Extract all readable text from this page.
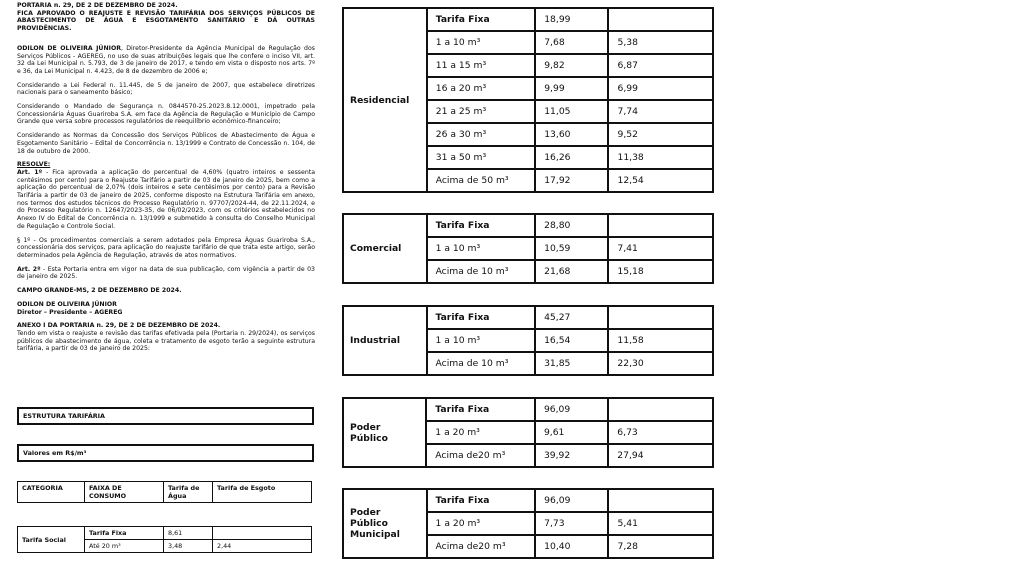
PORTARIA n. 29, DE 2 DE DEZEMBRO DE 2024.
FICA APROVADO O REAJUSTE E REVISÃO TARIFÁRIA DOS SERVIÇOS PÚBLICOS DE ABASTECIMENTO DE ÁGUA E ESGOTAMENTO SANITÁRIO E DÁ OUTRAS PROVIDÊNCIAS.

ODILON DE OLIVEIRA JÚNIOR, Diretor-Presidente da Agência Municipal de Regulação dos Serviços Públicos - AGEREG, no uso de suas atribuições legais que lhe confere o inciso VII, art. 32 da Lei Municipal n. 5.793, de 3 de janeiro de 2017, e tendo em vista o disposto nos arts. 7º e 36, da Lei Municipal n. 4.423, de 8 de dezembro de 2006 e;

Considerando a Lei Federal n. 11.445, de 5 de janeiro de 2007, que estabelece diretrizes nacionais para o saneamento básico;

Considerando o Mandado de Segurança n. 0844570-25.2023.8.12.0001, impetrado pela Concessionária Águas Guariroba S.A. em face da Agência de Regulação e Município de Campo Grande que versa sobre processos regulatórios de reequilíbrio econômico-financeiro;

Considerando as Normas da Concessão dos Serviços Públicos de Abastecimento de Água e Esgotamento Sanitário – Edital de Concorrência n. 13/1999 e Contrato de Concessão n. 104, de 18 de outubro de 2000.

RESOLVE:

Art. 1º - Fica aprovada a aplicação do percentual de 4,60% (quatro inteiros e sessenta centésimos por cento) para o Reajuste Tarifário a partir de 03 de janeiro de 2025, bem como a aplicação do percentual de 2,07% (dois inteiros e sete centésimos por cento) para a Revisão Tarifária a partir de 03 de janeiro de 2025, conforme disposto na Estrutura Tarifária em anexo, nos termos dos estudos técnicos do Processo Regulatório n. 97707/2024-44, de 22.11.2024, e do Processo Regulatório n. 12647/2023-35, de 06/02/2023, com os critérios estabelecidos no Anexo IV do Edital de Concorrência n. 13/1999 e submetido à consulta do Conselho Municipal de Regulação e Controle Social.

§ 1º - Os procedimentos comerciais a serem adotados pela Empresa Águas Guariroba S.A., concessionária dos serviços, para aplicação do reajuste tarifário de que trata este artigo, serão determinados pela Agência de Regulação, através de atos normativos.

Art. 2º - Esta Portaria entra em vigor na data de sua publicação, com vigência a partir de 03 de janeiro de 2025.

CAMPO GRANDE-MS, 2 DE DEZEMBRO DE 2024.

ODILON DE OLIVEIRA JÚNIOR
Diretor – Presidente – AGEREG

ANEXO I DA PORTARIA n. 29, DE 2 DE DEZEMBRO DE 2024.
Tendo em vista o reajuste e revisão das tarifas efetivada pela (Portaria n. 29/2024), os serviços públicos de abastecimento de água, coleta e tratamento de esgoto terão a seguinte estrutura tarifária, a partir de 03 de janeiro de 2025:

ESTRUTURA TARIFÁRIA
Valores em R$/m³
CATEGORIA	FAIXA DE CONSUMO	Tarifa de Água	Tarifa de Esgoto
Tarifa Social	Tarifa Fixa	8,61	
	Até 20 m³	3,48	2,44
Residencial	Tarifa Fixa	18,99	
	1 a 10 m³	7,68	5,38
	11 a 15 m³	9,82	6,87
	16 a 20 m³	9,99	6,99
	21 a 25 m³	11,05	7,74
	26 a 30 m³	13,60	9,52
	31 a 50 m³	16,26	11,38
	Acima de 50 m³	17,92	12,54
Comercial	Tarifa Fixa	28,80	
	1 a 10 m³	10,59	7,41
	Acima de 10 m³	21,68	15,18
Industrial	Tarifa Fixa	45,27	
	1 a 10 m³	16,54	11,58
	Acima de 10 m³	31,85	22,30
Poder Público	Tarifa Fixa	96,09	
	1 a 20 m³	9,61	6,73
	Acima de20 m³	39,92	27,94
Poder Público Municipal	Tarifa Fixa	96,09	
	1 a 20 m³	7,73	5,41
	Acima de20 m³	10,40	7,28
